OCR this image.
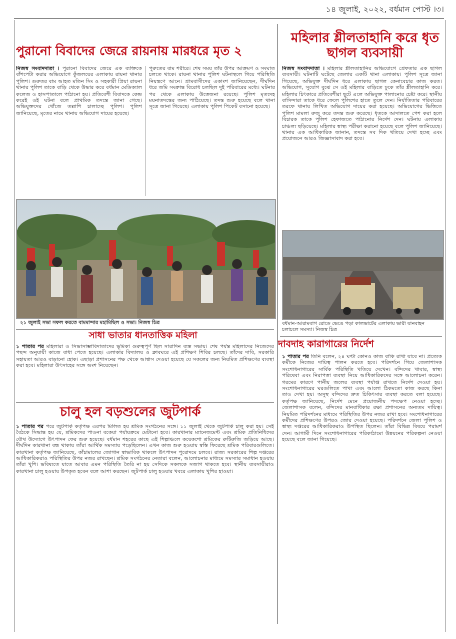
১৪ জুলাই, ২০২২, বর্ধমান পোস্ট ।৩।
পুরানো বিবাদের জেরে রায়নায় মারধরে মৃত ২
নিজস্ব সংবাদদাতা । পুরানো বিবাদের জেরে এক ব্যক্তিকে বাঁশপেটা করার অভিযোগে কুঁজলয়ের এলাকায় রায়না থানার পুলিশ। গুরুতর বাম আহত মতিন সিং ও সহকারী প্রিয়া রায়না থানার পুলিশ তাকে বাড়ি থেকে উদ্ধার করে বর্ধমান মেডিক্যাল কলেজ ও হাসপাতালে পাঠানো হয়। প্রতিবেশী বিবাদকে কেন্দ্র করেই ওই ঘটনা বলে প্রাথমিক তদন্তে জানা গেছে। অভিযুক্তদের খোঁজে তল্লাশি চালাচ্ছে পুলিশ। পুলিশ জানিয়েছে, মৃতের নামে থানায় অভিযোগ দায়ের হয়েছে।
পুরুতের বাম শরীরে। শেষ সময় তাঁর উপর আক্রমণ ও সংঘাত চলতে থাকে। রায়না থানার পুলিশ ঘটনাস্থলে গিয়ে পরিস্থিতি নিয়ন্ত্রণে আনে। গ্রামবাসীদের একাংশ জানিয়েছেন, দীর্ঘদিন ধরে জমি সংক্রান্ত বিরোধ চলছিল দুই পরিবারের মধ্যে। ঘটনার পর থেকে এলাকায় উত্তেজনা রয়েছে। পুলিশ মৃতদেহ ময়নাতদন্তের জন্য পাঠিয়েছে। তদন্ত শুরু হয়েছে বলে থানা সূত্রে জানা গিয়েছে। এলাকায় পুলিশ পিকেট বসানো হয়েছে।
২১ জুলাই সভা সফল করতে বামমান্দার মহামিছিল ও সভা। নিজস্ব চিত্র
সাধা ভাতার ধানতাত্তিক মহিলা
১ পাতার পর মহিলারা ও সিভাসাম্ভাবিদাতাদের ভূমিকা গুরুত্বপূর্ণ ছিল সারাদিন ব্যস্ত সভায়। শেষ পর্যন্ত মহিলাদের নিজেদের পছন্দ অনুযায়ী কাজে বাধা পেতে হয়েছে। এলাকার বিদ্যালয় ও ক্লাবঘরে এই প্রশিক্ষণ শিবির চলছে। তাঁদের দাবি, সরকারি সহায়তা আরও বাড়ানো হোক। এছাড়া প্রশাসনের পক্ষ থেকে আশ্বাস দেওয়া হয়েছে যে সকলের জন্য নিয়মিত প্রশিক্ষণের ব্যবস্থা করা হবে। মহিলারা উৎসাহের সঙ্গে অংশ নিয়েছেন।
চালু হল বড়শুলের জুটপার্ক
১ পাতার পর পরে জুটপার্ক কর্তৃপক্ষ এরপর মিলিত হয় শ্রমিক সংগঠনের সঙ্গে। ১১ জুলাই থেকে জুটপার্ক চালু করা হয়। সেই বৈঠকে সিদ্ধান্ত হয় যে, শ্রমিকদের পাওনা বকেয়া পর্যায়ক্রমে মেটানো হবে। কারখানার ম্যানেজমেন্ট এবং শ্রমিক প্রতিনিধিদের যৌথ উদ্যোগে উৎপাদন ফের শুরু হয়েছে। বর্ধমান শহরের কাছে এই শিল্পাঞ্চলে কয়েকশো শ্রমিকের রুটিরুজি জড়িয়ে আছে। দীর্ঘদিন কারখানা বন্ধ থাকায় তাঁরা আর্থিক সমস্যায় পড়েছিলেন। এখন কাজ শুরু হওয়ায় স্বস্তি ফিরেছে শ্রমিক পরিবারগুলিতে। কারখানা কর্তৃপক্ষ জানিয়েছে, কাঁচামালের জোগান স্বাভাবিক থাকলে উৎপাদন পুরোদমে চলবে। রাজ্য সরকারের শিল্প দপ্তরের আধিকারিকরাও পরিস্থিতির উপর নজর রাখছেন। শ্রমিক সংগঠনের নেতারা বলেন, আলোচনার মাধ্যমে সমস্যার সমাধান হওয়ায় তাঁরা খুশি। ভবিষ্যতে যাতে আবার এমন পরিস্থিতি তৈরি না হয় সেদিকে সকলকে সজাগ থাকতে হবে। স্থানীয় ব্যবসায়ীরাও কারখানা চালু হওয়ায় উপকৃত হবেন বলে আশা করছেন। জুটপার্ক চালু হওয়ার খবরে এলাকায় খুশির হাওয়া।
মহিলার শ্লীলতাহানি করে ধৃত ছাগল ব্যবসায়ী
নিজস্ব সংবাদদাতা । মহিলার শ্লীলতাহানির অভিযোগে গ্রেফতার এক ছাগল ব্যবসায়ী। ঘটনাটি ঘটেছে জেলার একটি থানা এলাকায়। পুলিশ সূত্রে জানা গিয়েছে, অভিযুক্ত দীর্ঘদিন ধরে এলাকায় ছাগল কেনাবেচার কাজ করত। অভিযোগ, সুযোগ বুঝে সে ওই মহিলার বাড়িতে ঢুকে তাঁর শ্লীলতাহানি করে। মহিলার চিৎকারে প্রতিবেশীরা ছুটে এলে অভিযুক্ত পালানোর চেষ্টা করে। স্থানীয় বাসিন্দারা তাকে ধরে ফেলে পুলিশের হাতে তুলে দেন। নির্যাতিতার পরিবারের তরফে থানায় লিখিত অভিযোগ দায়ের করা হয়েছে। অভিযোগের ভিত্তিতে পুলিশ মামলা রুজু করে তদন্ত শুরু করেছে। ধৃতকে আদালতে পেশ করা হলে বিচারক তাকে পুলিশ হেফাজতে পাঠানোর নির্দেশ দেন। ঘটনায় এলাকায় চাঞ্চল্য ছড়িয়েছে। মহিলার স্বাস্থ্য পরীক্ষা করানো হয়েছে বলে পুলিশ জানিয়েছে। থানার এক আধিকারিক জানান, তদন্তে সব দিক খতিয়ে দেখা হচ্ছে এবং প্রয়োজনে আরও জিজ্ঞাসাবাদ করা হবে।
বর্ধমান-আরামবাগ রোডে ভেঙে পড়া কালভার্টের এলাকায় ভারী যানবাহন চলাচলে সমস্যা। নিজস্ব চিত্র
দাবদাহ কারাগারের নির্দেশ
১ পাতার পর তিনি বলেন, ২৪ ঘণ্টা কোনও কাজ বাকি রাখা যাবে না। প্রত্যেক কর্মীকে নিজের দায়িত্ব পালন করতে হবে। পরিদর্শনে গিয়ে জেলাশাসক সংশোধনাগারের সার্বিক পরিস্থিতি খতিয়ে দেখেন। বন্দিদের খাবার, স্বাস্থ্য পরিষেবা এবং নিরাপত্তা ব্যবস্থা নিয়ে আধিকারিকদের সঙ্গে আলোচনা করেন। গরমের কারণে পানীয় জলের ব্যবস্থা পর্যাপ্ত রাখতে নির্দেশ দেওয়া হয়। সংশোধনাগারের ঘরগুলিতে পাখা এবং আলো ঠিকমতো কাজ করছে কিনা তাও দেখা হয়। অসুস্থ বন্দিদের দ্রুত চিকিৎসার ব্যবস্থা করতে বলা হয়েছে। কর্তৃপক্ষ জানিয়েছে, নির্দেশ মেনে প্রয়োজনীয় পদক্ষেপ নেওয়া হচ্ছে। জেলাশাসক বলেন, বন্দিদের মানবাধিকার রক্ষা প্রশাসনের অন্যতম দায়িত্ব। নিয়মিত পরিদর্শনের মাধ্যমে পরিস্থিতির উপর নজর রাখা হবে। সংশোধনাগারের কর্মীদের প্রশিক্ষণের উপরও জোর দেওয়া হয়েছে। পরিদর্শনে জেলা পুলিশ ও স্বাস্থ্য দপ্তরের আধিকারিকরাও উপস্থিত ছিলেন। তাঁরা বিভিন্ন বিষয়ে পরামর্শ দেন। আগামী দিনে সংশোধনাগারের পরিকাঠামো উন্নয়নের পরিকল্পনা নেওয়া হয়েছে বলে জানা গিয়েছে।
